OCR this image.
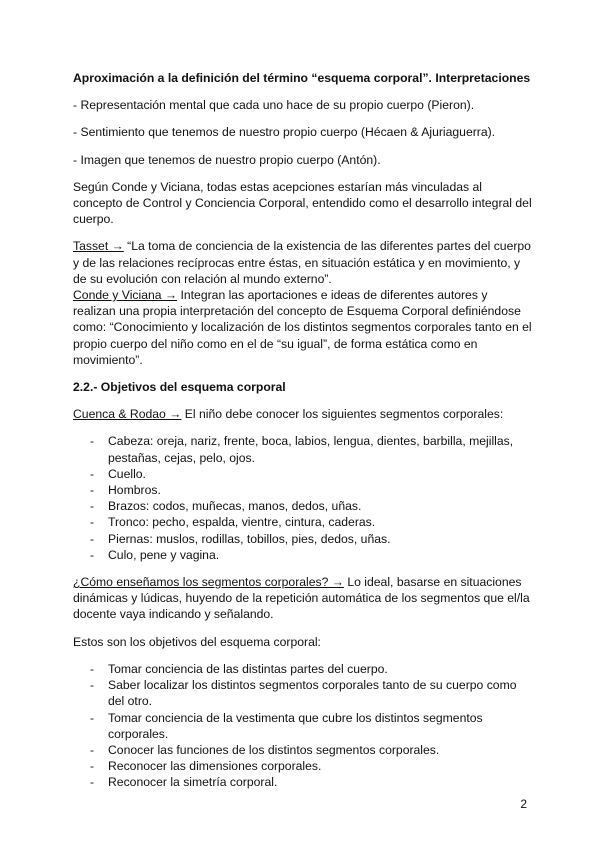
Aproximación a la definición del término “esquema corporal”. Interpretaciones

- Representación mental que cada uno hace de su propio cuerpo (Pieron).

- Sentimiento que tenemos de nuestro propio cuerpo (Hécaen & Ajuriaguerra).

- Imagen que tenemos de nuestro propio cuerpo (Antón).

Según Conde y Viciana, todas estas acepciones estarían más vinculadas al concepto de Control y Conciencia Corporal, entendido como el desarrollo integral del cuerpo.

Tasset → “La toma de conciencia de la existencia de las diferentes partes del cuerpo y de las relaciones recíprocas entre éstas, en situación estática y en movimiento, y de su evolución con relación al mundo externo”.

Conde y Viciana → Integran las aportaciones e ideas de diferentes autores y realizan una propia interpretación del concepto de Esquema Corporal definiéndose como: “Conocimiento y localización de los distintos segmentos corporales tanto en el propio cuerpo del niño como en el de “su igual”, de forma estática como en movimiento”.

2.2.- Objetivos del esquema corporal

Cuenca & Rodao → El niño debe conocer los siguientes segmentos corporales:

- Cabeza: oreja, nariz, frente, boca, labios, lengua, dientes, barbilla, mejillas, pestañas, cejas, pelo, ojos.
- Cuello.
- Hombros.
- Brazos: codos, muñecas, manos, dedos, uñas.
- Tronco: pecho, espalda, vientre, cintura, caderas.
- Piernas: muslos, rodillas, tobillos, pies, dedos, uñas.
- Culo, pene y vagina.

¿Cómo enseñamos los segmentos corporales? → Lo ideal, basarse en situaciones dinámicas y lúdicas, huyendo de la repetición automática de los segmentos que el/la docente vaya indicando y señalando.

Estos son los objetivos del esquema corporal:

- Tomar conciencia de las distintas partes del cuerpo.
- Saber localizar los distintos segmentos corporales tanto de su cuerpo como del otro.
- Tomar conciencia de la vestimenta que cubre los distintos segmentos corporales.
- Conocer las funciones de los distintos segmentos corporales.
- Reconocer las dimensiones corporales.
- Reconocer la simetría corporal.
2
